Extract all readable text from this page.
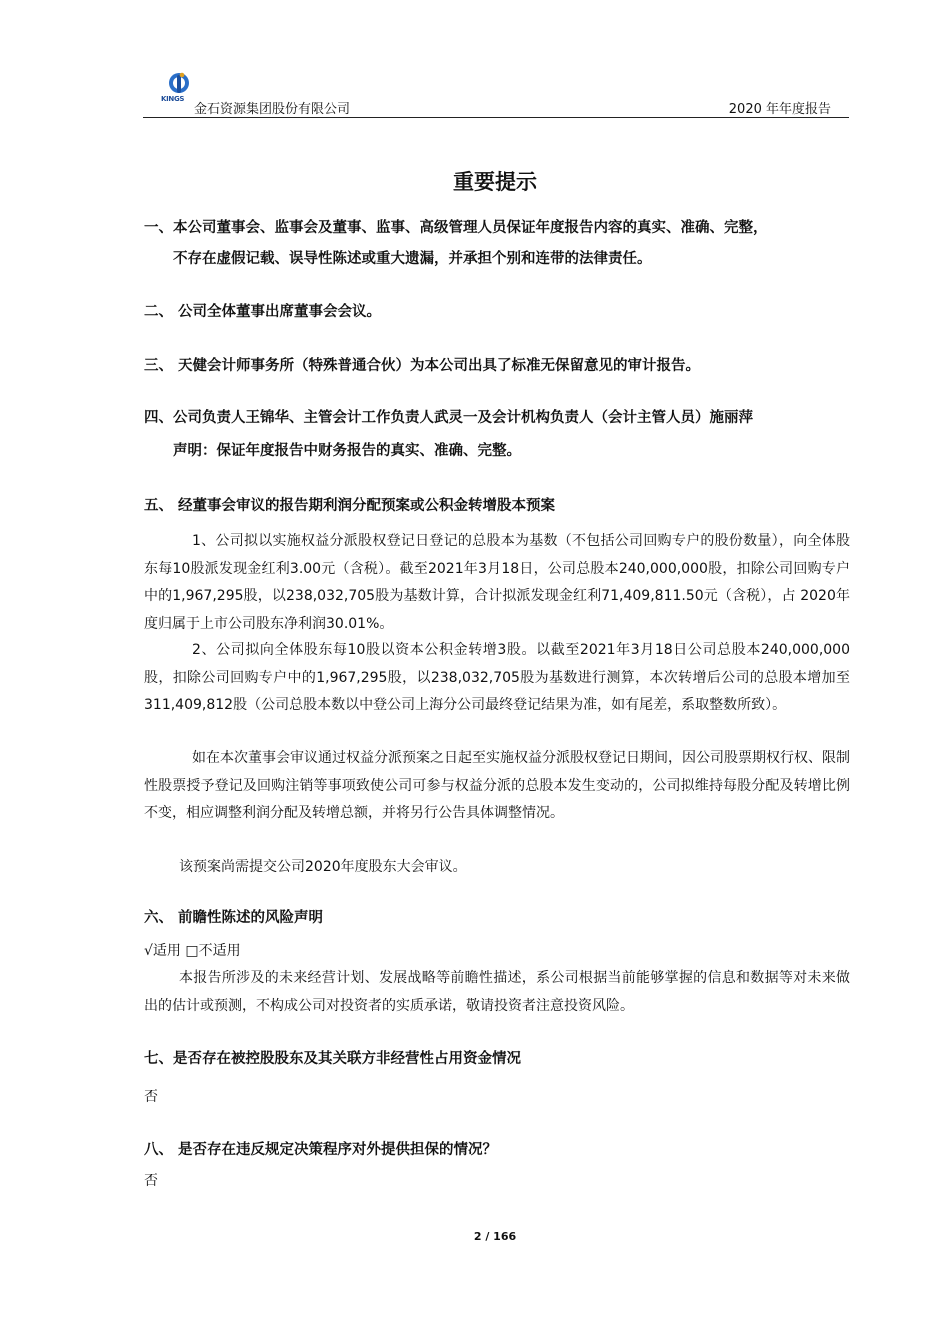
KINGS
金石资源集团股份有限公司	2020 年年度报告
重要提示
一、本公司董事会、监事会及董事、监事、高级管理人员保证年度报告内容的真实、准确、完整，
不存在虚假记载、误导性陈述或重大遗漏，并承担个别和连带的法律责任。
二、 公司全体董事出席董事会会议。
三、 天健会计师事务所（特殊普通合伙）为本公司出具了标准无保留意见的审计报告。
四、公司负责人王锦华、主管会计工作负责人武灵一及会计机构负责人（会计主管人员）施丽萍
声明：保证年度报告中财务报告的真实、准确、完整。
五、 经董事会审议的报告期利润分配预案或公积金转增股本预案
1、公司拟以实施权益分派股权登记日登记的总股本为基数（不包括公司回购专户的股份数量），向全体股东每10股派发现金红利3.00元（含税）。截至2021年3月18日，公司总股本240,000,000股，扣除公司回购专户中的1,967,295股，以238,032,705股为基数计算，合计拟派发现金红利71,409,811.50元（含税），占 2020年度归属于上市公司股东净利润30.01%。
2、公司拟向全体股东每10股以资本公积金转增3股。以截至2021年3月18日公司总股本240,000,000股，扣除公司回购专户中的1,967,295股，以238,032,705股为基数进行测算，本次转增后公司的总股本增加至311,409,812股（公司总股本数以中登公司上海分公司最终登记结果为准，如有尾差，系取整数所致）。
如在本次董事会审议通过权益分派预案之日起至实施权益分派股权登记日期间，因公司股票期权行权、限制性股票授予登记及回购注销等事项致使公司可参与权益分派的总股本发生变动的，公司拟维持每股分配及转增比例不变，相应调整利润分配及转增总额，并将另行公告具体调整情况。
该预案尚需提交公司2020年度股东大会审议。
六、 前瞻性陈述的风险声明
√适用 □不适用
本报告所涉及的未来经营计划、发展战略等前瞻性描述，系公司根据当前能够掌握的信息和数据等对未来做出的估计或预测，不构成公司对投资者的实质承诺，敬请投资者注意投资风险。
七、是否存在被控股股东及其关联方非经营性占用资金情况
否
八、 是否存在违反规定决策程序对外提供担保的情况？
否
2 / 166
